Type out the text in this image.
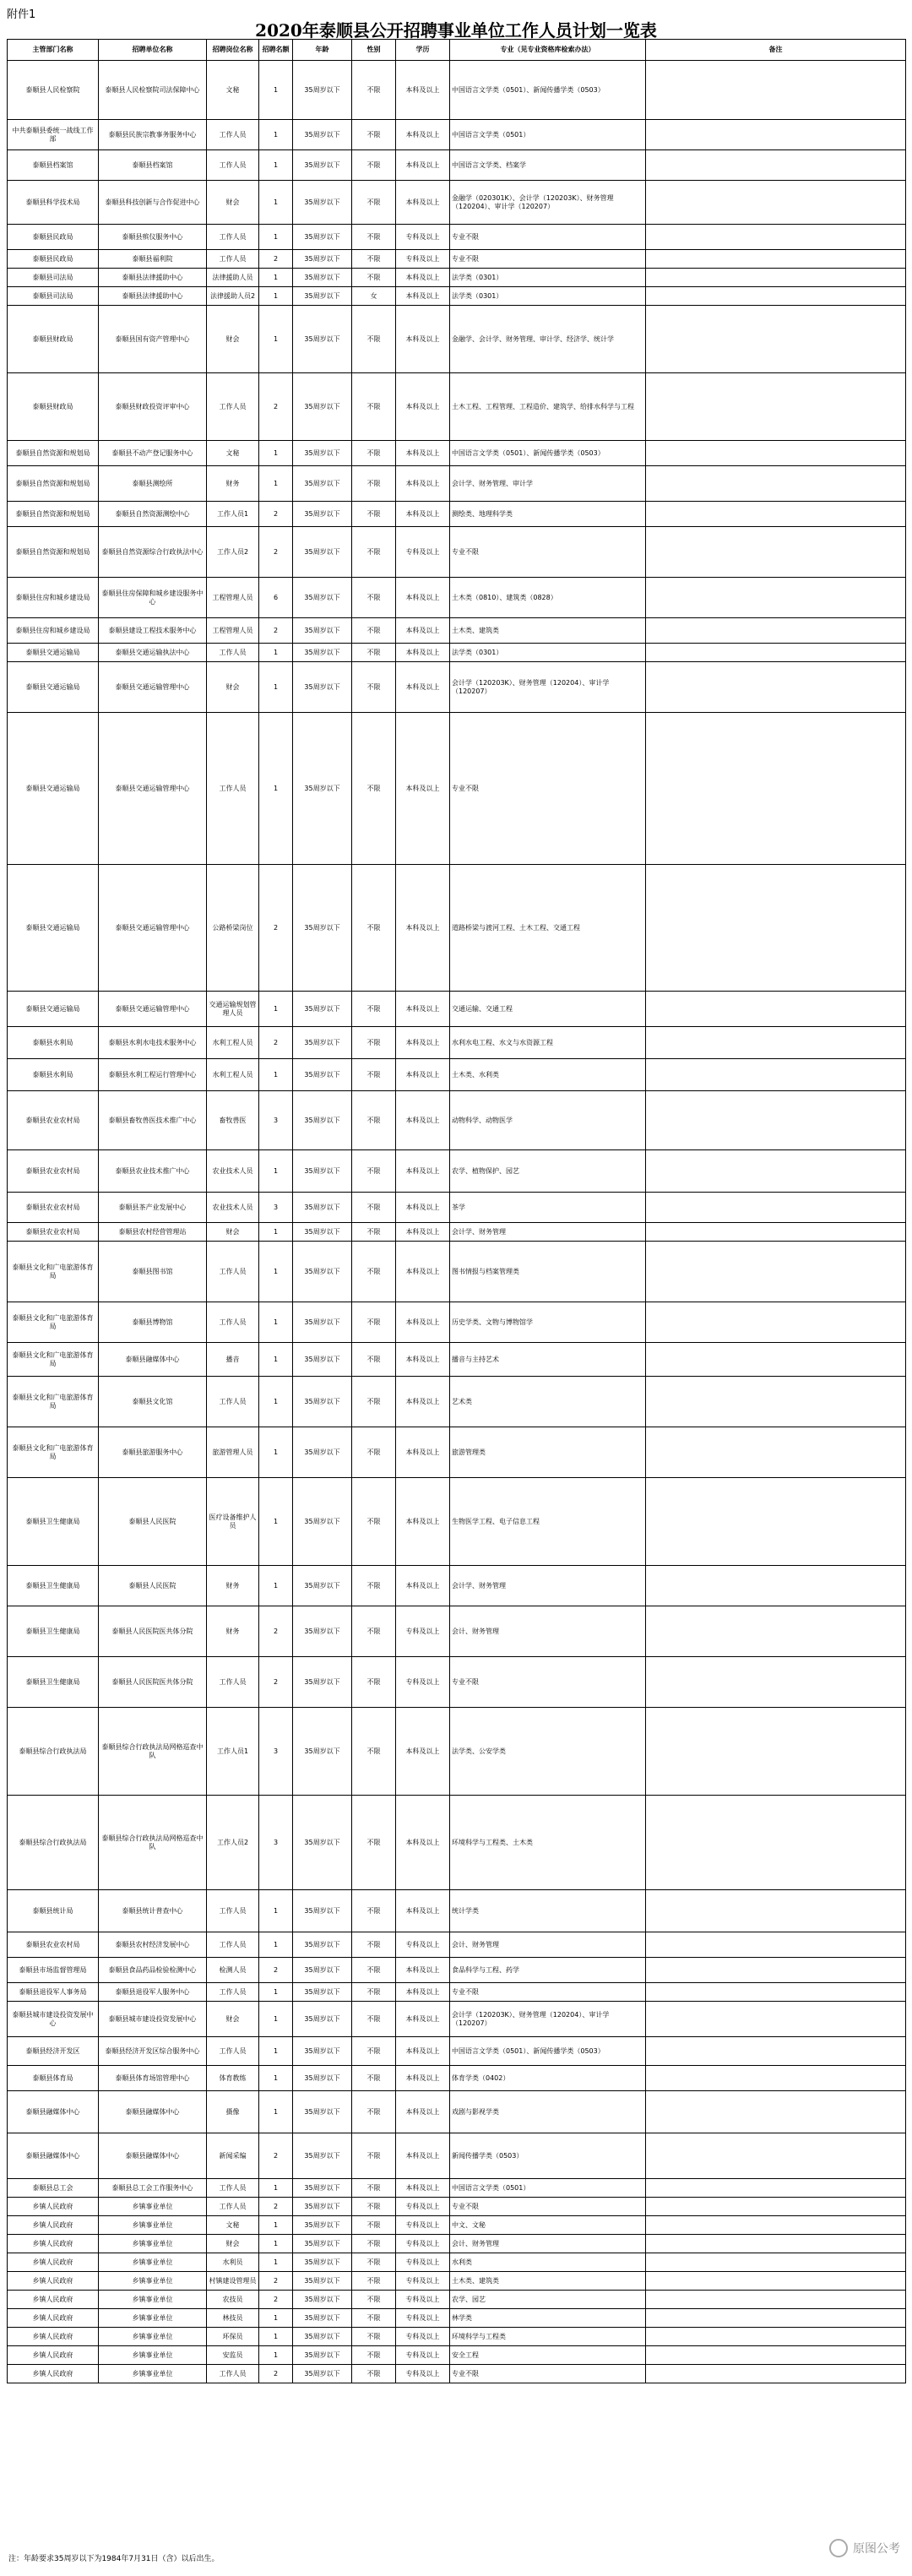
附件1
2020年泰顺县公开招聘事业单位工作人员计划一览表
主管部门名称	招聘单位名称	招聘岗位名称	招聘名额	年龄	性别	学历	专业（见专业资格库检索办法）	备注
泰顺县人民检察院	泰顺县人民检察院司法保障中心	文秘	1	35周岁以下	不限	本科及以上	中国语言文学类（0501）、新闻传播学类（0503）	
中共泰顺县委统一战线工作部	泰顺县民族宗教事务服务中心	工作人员	1	35周岁以下	不限	本科及以上	中国语言文学类（0501）	
泰顺县档案馆	泰顺县档案馆	工作人员	1	35周岁以下	不限	本科及以上	中国语言文学类、档案学	
泰顺县科学技术局	泰顺县科技创新与合作促进中心	财会	1	35周岁以下	不限	本科及以上	金融学（020301K）、会计学（120203K）、财务管理（120204）、审计学（120207）	
泰顺县民政局	泰顺县殡仪服务中心	工作人员	1	35周岁以下	不限	专科及以上	专业不限	
泰顺县民政局	泰顺县福利院	工作人员	2	35周岁以下	不限	专科及以上	专业不限	
泰顺县司法局	泰顺县法律援助中心	法律援助人员	1	35周岁以下	不限	本科及以上	法学类（0301）	
泰顺县司法局	泰顺县法律援助中心	法律援助人员2	1	35周岁以下	女	本科及以上	法学类（0301）	
泰顺县财政局	泰顺县国有资产管理中心	财会	1	35周岁以下	不限	本科及以上	金融学、会计学、财务管理、审计学、经济学、统计学	
泰顺县财政局	泰顺县财政投资评审中心	工作人员	2	35周岁以下	不限	本科及以上	土木工程、工程管理、工程造价、建筑学、给排水科学与工程	
泰顺县自然资源和规划局	泰顺县不动产登记服务中心	文秘	1	35周岁以下	不限	本科及以上	中国语言文学类（0501）、新闻传播学类（0503）	
泰顺县自然资源和规划局	泰顺县测绘所	财务	1	35周岁以下	不限	本科及以上	会计学、财务管理、审计学	
泰顺县自然资源和规划局	泰顺县自然资源测绘中心	工作人员1	2	35周岁以下	不限	本科及以上	测绘类、地理科学类	
泰顺县自然资源和规划局	泰顺县自然资源综合行政执法中心	工作人员2	2	35周岁以下	不限	专科及以上	专业不限	
泰顺县住房和城乡建设局	泰顺县住房保障和城乡建设服务中心	工程管理人员	6	35周岁以下	不限	本科及以上	土木类（0810）、建筑类（0828）	
泰顺县住房和城乡建设局	泰顺县建设工程技术服务中心	工程管理人员	2	35周岁以下	不限	本科及以上	土木类、建筑类	
泰顺县交通运输局	泰顺县交通运输执法中心	工作人员	1	35周岁以下	不限	本科及以上	法学类（0301）	
泰顺县交通运输局	泰顺县交通运输管理中心	财会	1	35周岁以下	不限	本科及以上	会计学（120203K）、财务管理（120204）、审计学（120207）	
泰顺县交通运输局	泰顺县交通运输管理中心	工作人员	1	35周岁以下	不限	本科及以上	专业不限	
泰顺县交通运输局	泰顺县交通运输管理中心	公路桥梁岗位	2	35周岁以下	不限	本科及以上	道路桥梁与渡河工程、土木工程、交通工程	
泰顺县交通运输局	泰顺县交通运输管理中心	交通运输规划管理人员	1	35周岁以下	不限	本科及以上	交通运输、交通工程	
泰顺县水利局	泰顺县水利水电技术服务中心	水利工程人员	2	35周岁以下	不限	本科及以上	水利水电工程、水文与水资源工程	
泰顺县水利局	泰顺县水利工程运行管理中心	水利工程人员	1	35周岁以下	不限	本科及以上	土木类、水利类	
泰顺县农业农村局	泰顺县畜牧兽医技术推广中心	畜牧兽医	3	35周岁以下	不限	本科及以上	动物科学、动物医学	
泰顺县农业农村局	泰顺县农业技术推广中心	农业技术人员	1	35周岁以下	不限	本科及以上	农学、植物保护、园艺	
泰顺县农业农村局	泰顺县茶产业发展中心	农业技术人员	3	35周岁以下	不限	本科及以上	茶学	
泰顺县农业农村局	泰顺县农村经营管理站	财会	1	35周岁以下	不限	本科及以上	会计学、财务管理	
泰顺县文化和广电旅游体育局	泰顺县图书馆	工作人员	1	35周岁以下	不限	本科及以上	图书情报与档案管理类	
泰顺县文化和广电旅游体育局	泰顺县博物馆	工作人员	1	35周岁以下	不限	本科及以上	历史学类、文物与博物馆学	
泰顺县文化和广电旅游体育局	泰顺县融媒体中心	播音	1	35周岁以下	不限	本科及以上	播音与主持艺术	
泰顺县文化和广电旅游体育局	泰顺县文化馆	工作人员	1	35周岁以下	不限	本科及以上	艺术类	
泰顺县文化和广电旅游体育局	泰顺县旅游服务中心	旅游管理人员	1	35周岁以下	不限	本科及以上	旅游管理类	
泰顺县卫生健康局	泰顺县人民医院	医疗设备维护人员	1	35周岁以下	不限	本科及以上	生物医学工程、电子信息工程	
泰顺县卫生健康局	泰顺县人民医院	财务	1	35周岁以下	不限	本科及以上	会计学、财务管理	
泰顺县卫生健康局	泰顺县人民医院医共体分院	财务	2	35周岁以下	不限	专科及以上	会计、财务管理	
泰顺县卫生健康局	泰顺县人民医院医共体分院	工作人员	2	35周岁以下	不限	专科及以上	专业不限	
泰顺县综合行政执法局	泰顺县综合行政执法局网格巡查中队	工作人员1	3	35周岁以下	不限	本科及以上	法学类、公安学类	
泰顺县综合行政执法局	泰顺县综合行政执法局网格巡查中队	工作人员2	3	35周岁以下	不限	本科及以上	环境科学与工程类、土木类	
泰顺县统计局	泰顺县统计普查中心	工作人员	1	35周岁以下	不限	本科及以上	统计学类	
泰顺县农业农村局	泰顺县农村经济发展中心	工作人员	1	35周岁以下	不限	专科及以上	会计、财务管理	
泰顺县市场监督管理局	泰顺县食品药品检验检测中心	检测人员	2	35周岁以下	不限	本科及以上	食品科学与工程、药学	
泰顺县退役军人事务局	泰顺县退役军人服务中心	工作人员	1	35周岁以下	不限	本科及以上	专业不限	
泰顺县城市建设投资发展中心	泰顺县城市建设投资发展中心	财会	1	35周岁以下	不限	本科及以上	会计学（120203K）、财务管理（120204）、审计学（120207）	
泰顺县经济开发区	泰顺县经济开发区综合服务中心	工作人员	1	35周岁以下	不限	本科及以上	中国语言文学类（0501）、新闻传播学类（0503）	
泰顺县体育局	泰顺县体育场馆管理中心	体育教练	1	35周岁以下	不限	本科及以上	体育学类（0402）	
泰顺县融媒体中心	泰顺县融媒体中心	摄像	1	35周岁以下	不限	本科及以上	戏剧与影视学类	
泰顺县融媒体中心	泰顺县融媒体中心	新闻采编	2	35周岁以下	不限	本科及以上	新闻传播学类（0503）	
泰顺县总工会	泰顺县总工会工作服务中心	工作人员	1	35周岁以下	不限	本科及以上	中国语言文学类（0501）	
乡镇人民政府	乡镇事业单位	工作人员	2	35周岁以下	不限	专科及以上	专业不限	
乡镇人民政府	乡镇事业单位	文秘	1	35周岁以下	不限	专科及以上	中文、文秘	
乡镇人民政府	乡镇事业单位	财会	1	35周岁以下	不限	专科及以上	会计、财务管理	
乡镇人民政府	乡镇事业单位	水利员	1	35周岁以下	不限	专科及以上	水利类	
乡镇人民政府	乡镇事业单位	村镇建设管理员	2	35周岁以下	不限	专科及以上	土木类、建筑类	
乡镇人民政府	乡镇事业单位	农技员	2	35周岁以下	不限	专科及以上	农学、园艺	
乡镇人民政府	乡镇事业单位	林技员	1	35周岁以下	不限	专科及以上	林学类	
乡镇人民政府	乡镇事业单位	环保员	1	35周岁以下	不限	专科及以上	环境科学与工程类	
乡镇人民政府	乡镇事业单位	安监员	1	35周岁以下	不限	专科及以上	安全工程	
乡镇人民政府	乡镇事业单位	工作人员	2	35周岁以下	不限	专科及以上	专业不限	
原图公考
注：年龄要求35周岁以下为1984年7月31日（含）以后出生。
